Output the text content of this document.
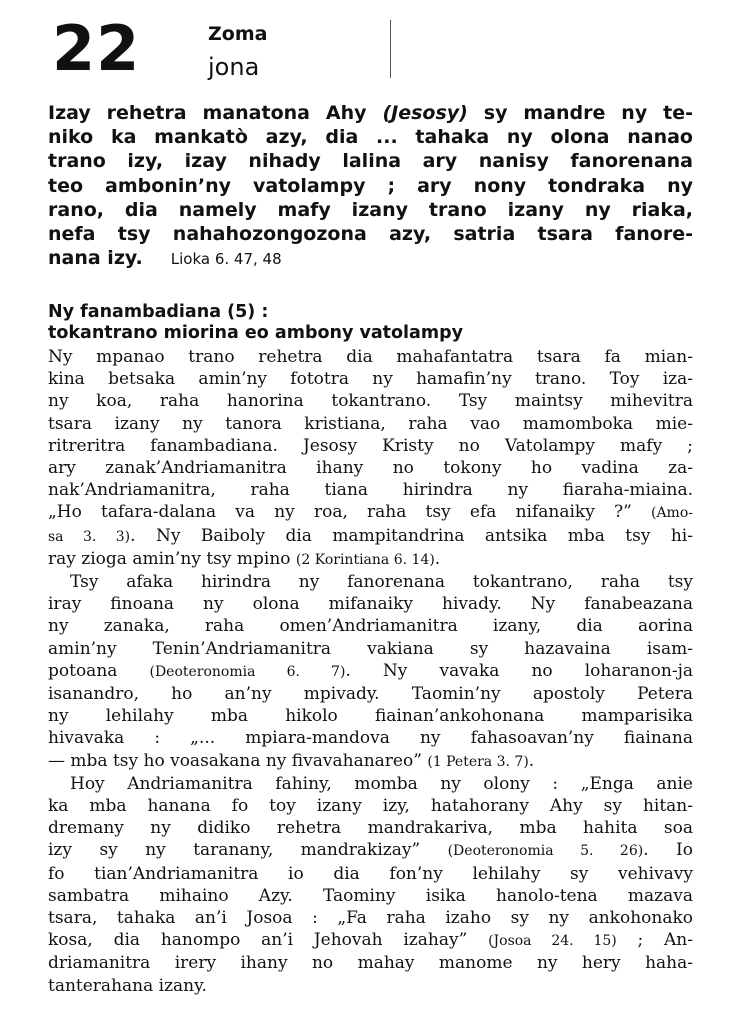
22	Zoma
jona
Izay rehetra manatona Ahy (Jesosy) sy mandre ny te-
niko ka mankatò azy, dia ... tahaka ny olona nanao
trano izy, izay nihady lalina ary nanisy fanorenana
teo ambonin’ny vatolampy ; ary nony tondraka ny
rano, dia namely mafy izany trano izany ny riaka,
nefa tsy nahahozongozona azy, satria tsara fanore-
nana izy. Lioka 6. 47, 48
Ny fanambadiana (5) :
tokantrano miorina eo ambony vatolampy
Ny mpanao trano rehetra dia mahafantatra tsara fa mian-
kina betsaka amin’ny fototra ny hamafin’ny trano. Toy iza-
ny koa, raha hanorina tokantrano. Tsy maintsy mihevitra
tsara izany ny tanora kristiana, raha vao mamomboka mie-
ritreritra fanambadiana. Jesosy Kristy no Vatolampy mafy ;
ary zanak’Andriamanitra ihany no tokony ho vadina za-
nak’Andriamanitra, raha tiana hirindra ny fiaraha-miaina.
„Ho tafara-dalana va ny roa, raha tsy efa nifanaiky ?” (Amo-
sa 3. 3). Ny Baiboly dia mampitandrina antsika mba tsy hi-
ray zioga amin’ny tsy mpino (2 Korintiana 6. 14).
Tsy afaka hirindra ny fanorenana tokantrano, raha tsy
iray finoana ny olona mifanaiky hivady. Ny fanabeazana
ny zanaka, raha omen’Andriamanitra izany, dia aorina
amin’ny Tenin’Andriamanitra vakiana sy hazavaina isam-
potoana (Deoteronomia 6. 7). Ny vavaka no loharanon-ja
isanandro, ho an’ny mpivady. Taomin’ny apostoly Petera
ny lehilahy mba hikolo fiainan’ankohonana mamparisika
hivavaka : „... mpiara-mandova ny fahasoavan’ny fiainana
— mba tsy ho voasakana ny fivavahanareo” (1 Petera 3. 7).
Hoy Andriamanitra fahiny, momba ny olony : „Enga anie
ka mba hanana fo toy izany izy, hatahorany Ahy sy hitan-
dremany ny didiko rehetra mandrakariva, mba hahita soa
izy sy ny taranany, mandrakizay” (Deoteronomia 5. 26). Io
fo tian’Andriamanitra io dia fon’ny lehilahy sy vehivavy
sambatra mihaino Azy. Taominy isika hanolo-tena mazava
tsara, tahaka an’i Josoa : „Fa raha izaho sy ny ankohonako
kosa, dia hanompo an’i Jehovah izahay” (Josoa 24. 15) ; An-
driamanitra irery ihany no mahay manome ny hery haha-
tanterahana izany.
